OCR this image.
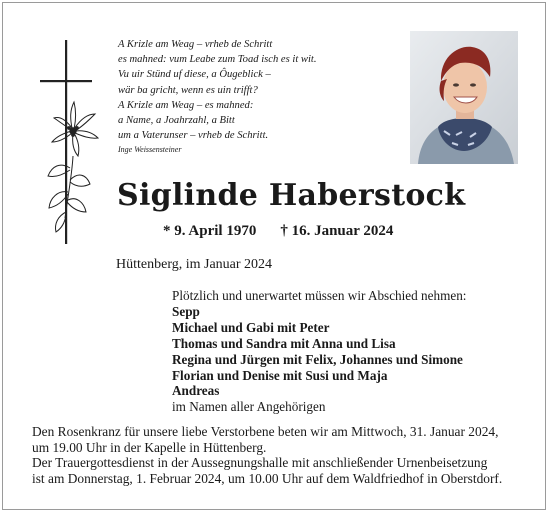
A Krizle am Weag – vrheb de Schritt
es mahned: vum Leabe zum Toad isch es it wit.
Vu uir Stünd uf diese, a Ôugeblick –
wär ba gricht, wenn es uin trifft?
A Krizle am Weag – es mahned:
a Name, a Joahrzahl, a Bitt
um a Vaterunser – vrheb de Schritt.
Inge Weissensteiner
Siglinde Haberstock
* 9. April 1970 † 16. Januar 2024
Hüttenberg, im Januar 2024
Plötzlich und unerwartet müssen wir Abschied nehmen:
Sepp
Michael und Gabi mit Peter
Thomas und Sandra mit Anna und Lisa
Regina und Jürgen mit Felix, Johannes und Simone
Florian und Denise mit Susi und Maja
Andreas
im Namen aller Angehörigen
Den Rosenkranz für unsere liebe Verstorbene beten wir am Mittwoch, 31. Januar 2024,
um 19.00 Uhr in der Kapelle in Hüttenberg.
Der Trauergottesdienst in der Aussegnungshalle mit anschließender Urnenbeisetzung
ist am Donnerstag, 1. Februar 2024, um 10.00 Uhr auf dem Waldfriedhof in Oberstdorf.
